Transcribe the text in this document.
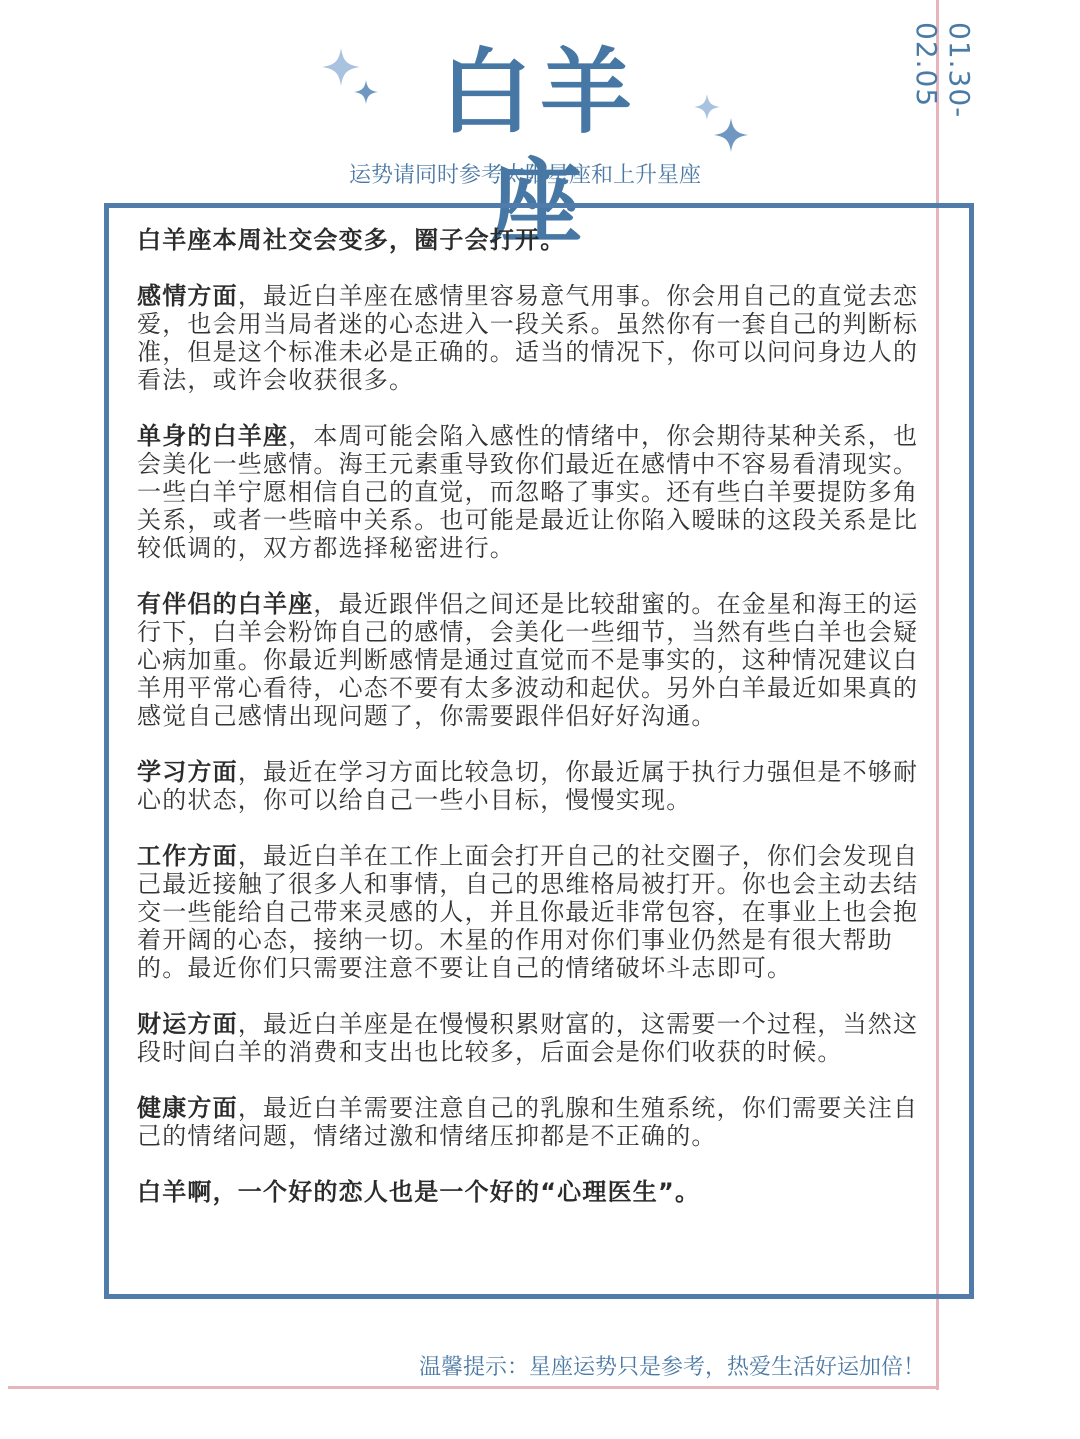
01.30-02.05
白羊座
运势请同时参考太阳星座和上升星座

白羊座本周社交会变多，圈子会打开。

感情方面，最近白羊座在感情里容易意气用事。你会用自己的直觉去恋爱，也会用当局者迷的心态进入一段关系。虽然你有一套自己的判断标准，但是这个标准未必是正确的。适当的情况下，你可以问问身边人的看法，或许会收获很多。

单身的白羊座，本周可能会陷入感性的情绪中，你会期待某种关系，也会美化一些感情。海王元素重导致你们最近在感情中不容易看清现实。一些白羊宁愿相信自己的直觉，而忽略了事实。还有些白羊要提防多角关系，或者一些暗中关系。也可能是最近让你陷入暧昧的这段关系是比较低调的，双方都选择秘密进行。

有伴侣的白羊座，最近跟伴侣之间还是比较甜蜜的。在金星和海王的运行下，白羊会粉饰自己的感情，会美化一些细节，当然有些白羊也会疑心病加重。你最近判断感情是通过直觉而不是事实的，这种情况建议白羊用平常心看待，心态不要有太多波动和起伏。另外白羊最近如果真的感觉自己感情出现问题了，你需要跟伴侣好好沟通。

学习方面，最近在学习方面比较急切，你最近属于执行力强但是不够耐心的状态，你可以给自己一些小目标，慢慢实现。

工作方面，最近白羊在工作上面会打开自己的社交圈子，你们会发现自己最近接触了很多人和事情，自己的思维格局被打开。你也会主动去结交一些能给自己带来灵感的人，并且你最近非常包容，在事业上也会抱着开阔的心态，接纳一切。木星的作用对你们事业仍然是有很大帮助的。最近你们只需要注意不要让自己的情绪破坏斗志即可。

财运方面，最近白羊座是在慢慢积累财富的，这需要一个过程，当然这段时间白羊的消费和支出也比较多，后面会是你们收获的时候。

健康方面，最近白羊需要注意自己的乳腺和生殖系统，你们需要关注自己的情绪问题，情绪过激和情绪压抑都是不正确的。

白羊啊，一个好的恋人也是一个好的“心理医生”。

温馨提示：星座运势只是参考，热爱生活好运加倍！
